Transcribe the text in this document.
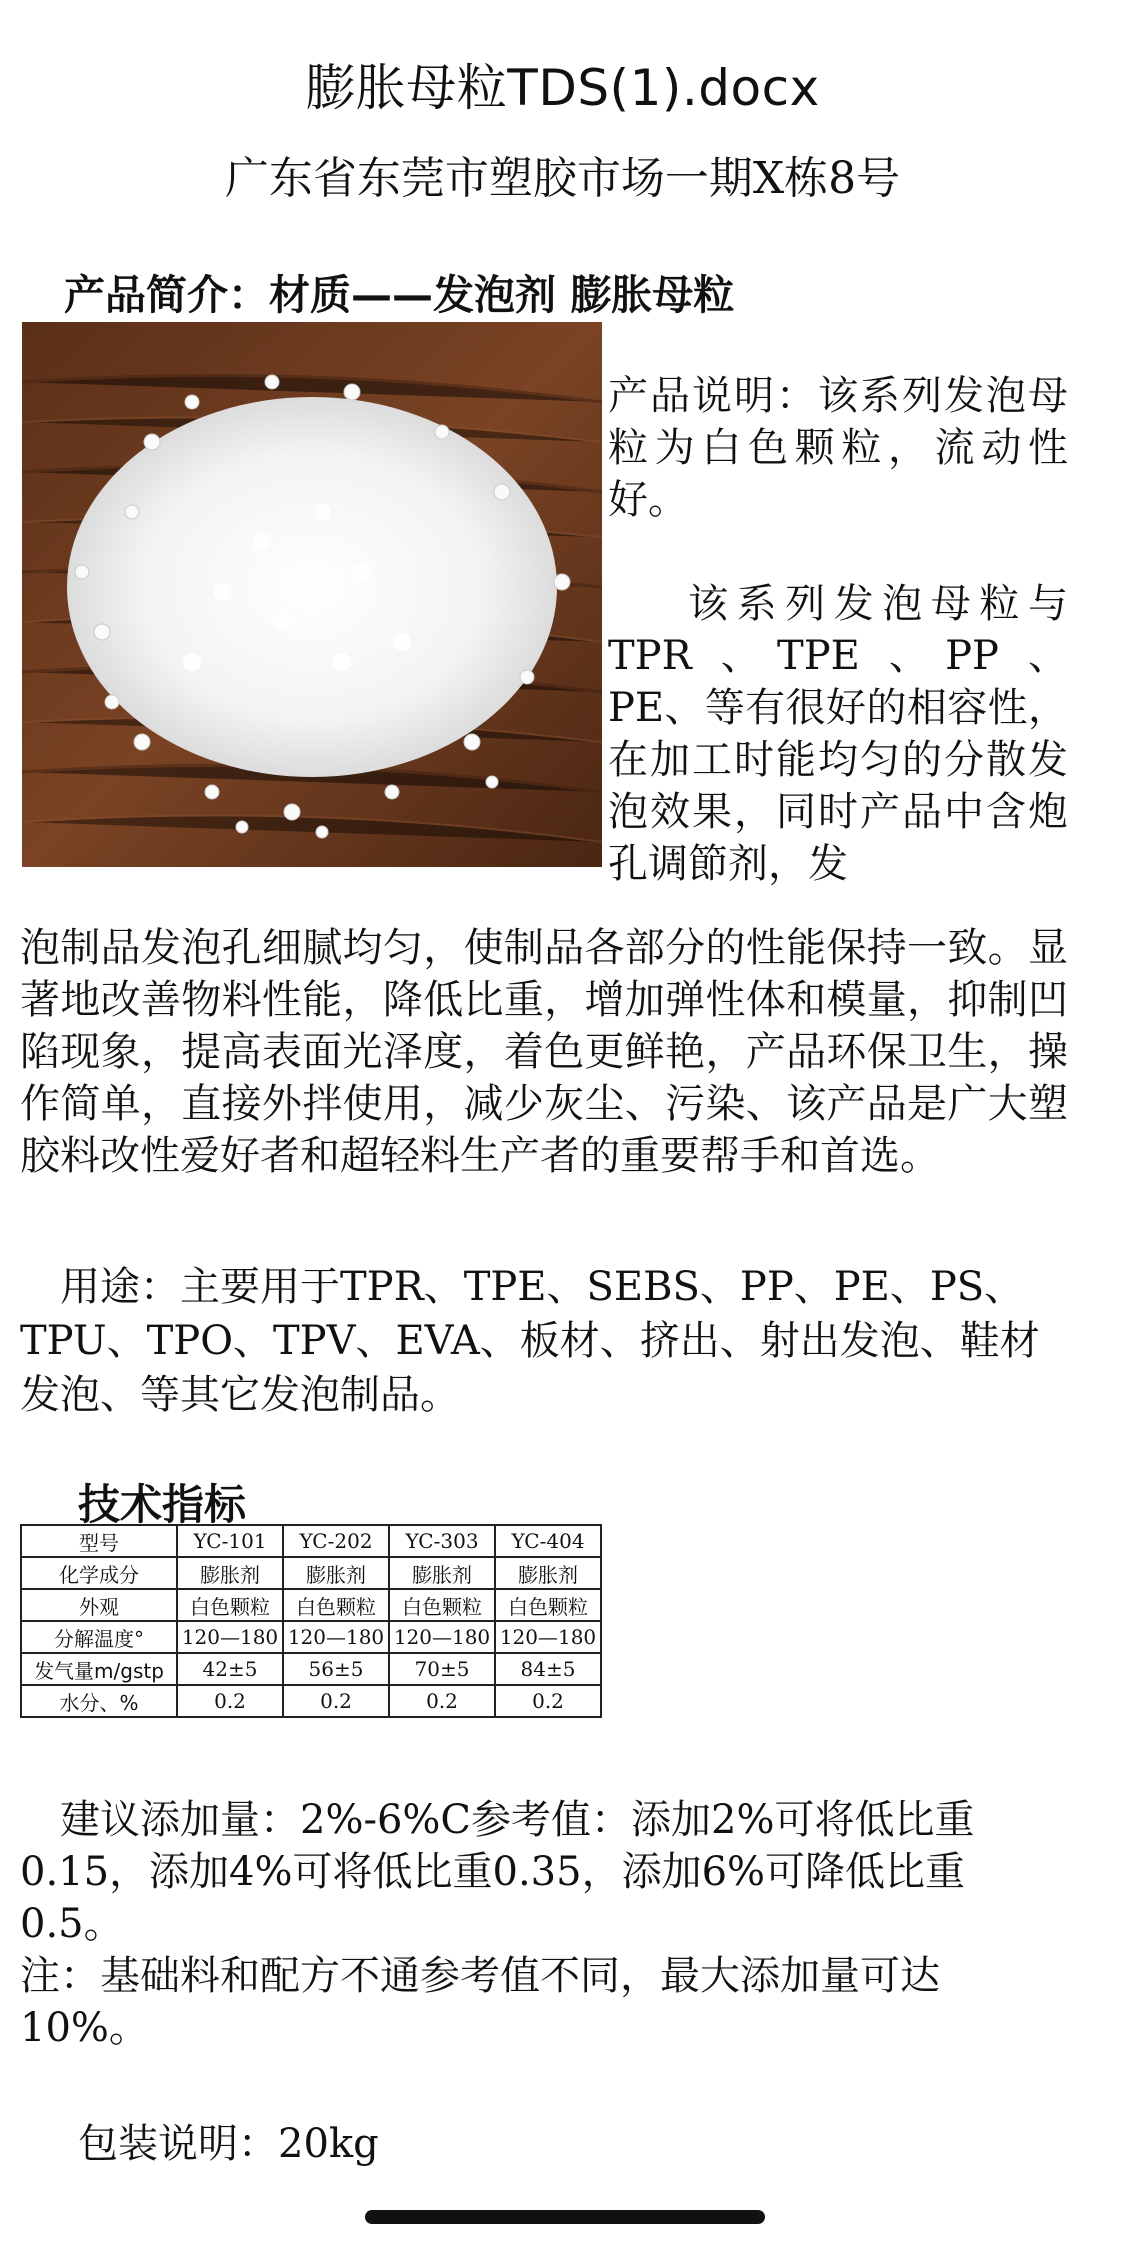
膨胀母粒TDS(1).docx
广东省东莞市塑胶市场一期X栋8号
产品简介：材质——发泡剂 膨胀母粒

产品说明：该系列发泡母粒为白色颗粒，流动性好。

该系列发泡母粒与TPR 、TPE 、PP 、PE、等有很好的相容性，在加工时能均匀的分散发泡效果，同时产品中含炮孔调節剂，发

泡制品发泡孔细腻均匀，使制品各部分的性能保持一致。显著地改善物料性能，降低比重，增加弹性体和模量，抑制凹陷现象，提高表面光泽度，着色更鲜艳，产品环保卫生，操作简单，直接外拌使用，减少灰尘、污染、该产品是广大塑胶料改性爱好者和超轻料生产者的重要帮手和首选。
用途：主要用于TPR、TPE、SEBS、PP、PE、PS、TPU、TPO、TPV、EVA、板材、挤出、射出发泡、鞋材发泡、等其它发泡制品。
技术指标
型号	YC-101	YC-202	YC-303	YC-404
化学成分	膨胀剂	膨胀剂	膨胀剂	膨胀剂
外观	白色颗粒	白色颗粒	白色颗粒	白色颗粒
分解温度°	120—180	120—180	120—180	120—180
发气量m/gstp	42±5	56±5	70±5	84±5
水分、%	0.2	0.2	0.2	0.2

建议添加量：2%-6%C参考值：添加2%可将低比重0.15，添加4%可将低比重0.35，添加6%可降低比重0.5。

注：基础料和配方不通参考值不同，最大添加量可达10%。

包装说明：20kg
